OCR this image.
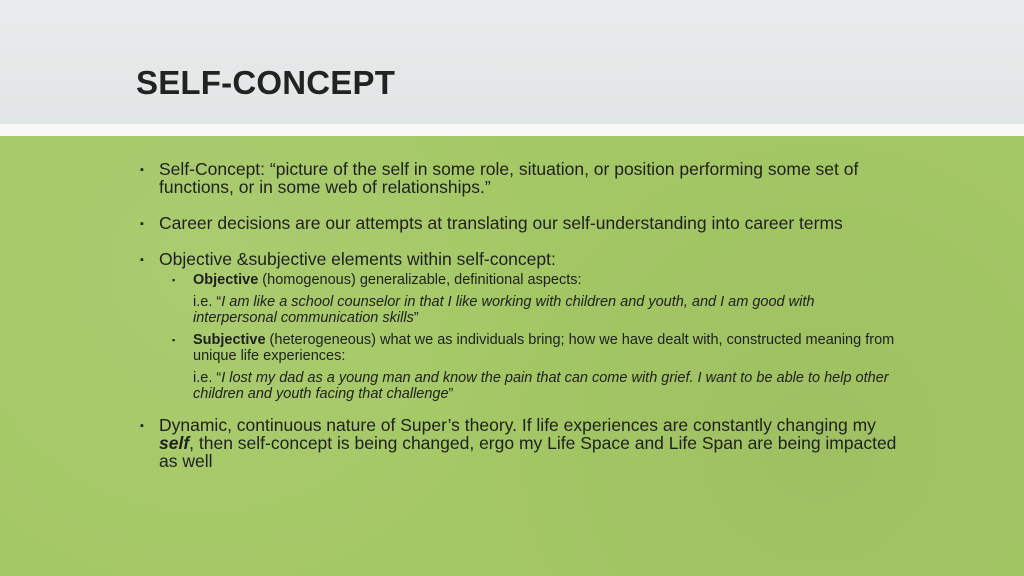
SELF-CONCEPT
▪ Self-Concept: “picture of the self in some role, situation, or position performing some set of functions, or in some web of relationships.”
▪ Career decisions are our attempts at translating our self-understanding into career terms
▪ Objective &subjective elements within self-concept:
▪ Objective (homogenous) generalizable, definitional aspects:
i.e. “I am like a school counselor in that I like working with children and youth, and I am good with interpersonal communication skills”
▪ Subjective (heterogeneous) what we as individuals bring; how we have dealt with, constructed meaning from unique life experiences:
i.e. “I lost my dad as a young man and know the pain that can come with grief. I want to be able to help other children and youth facing that challenge”
▪ Dynamic, continuous nature of Super’s theory. If life experiences are constantly changing my self, then self-concept is being changed, ergo my Life Space and Life Span are being impacted as well
